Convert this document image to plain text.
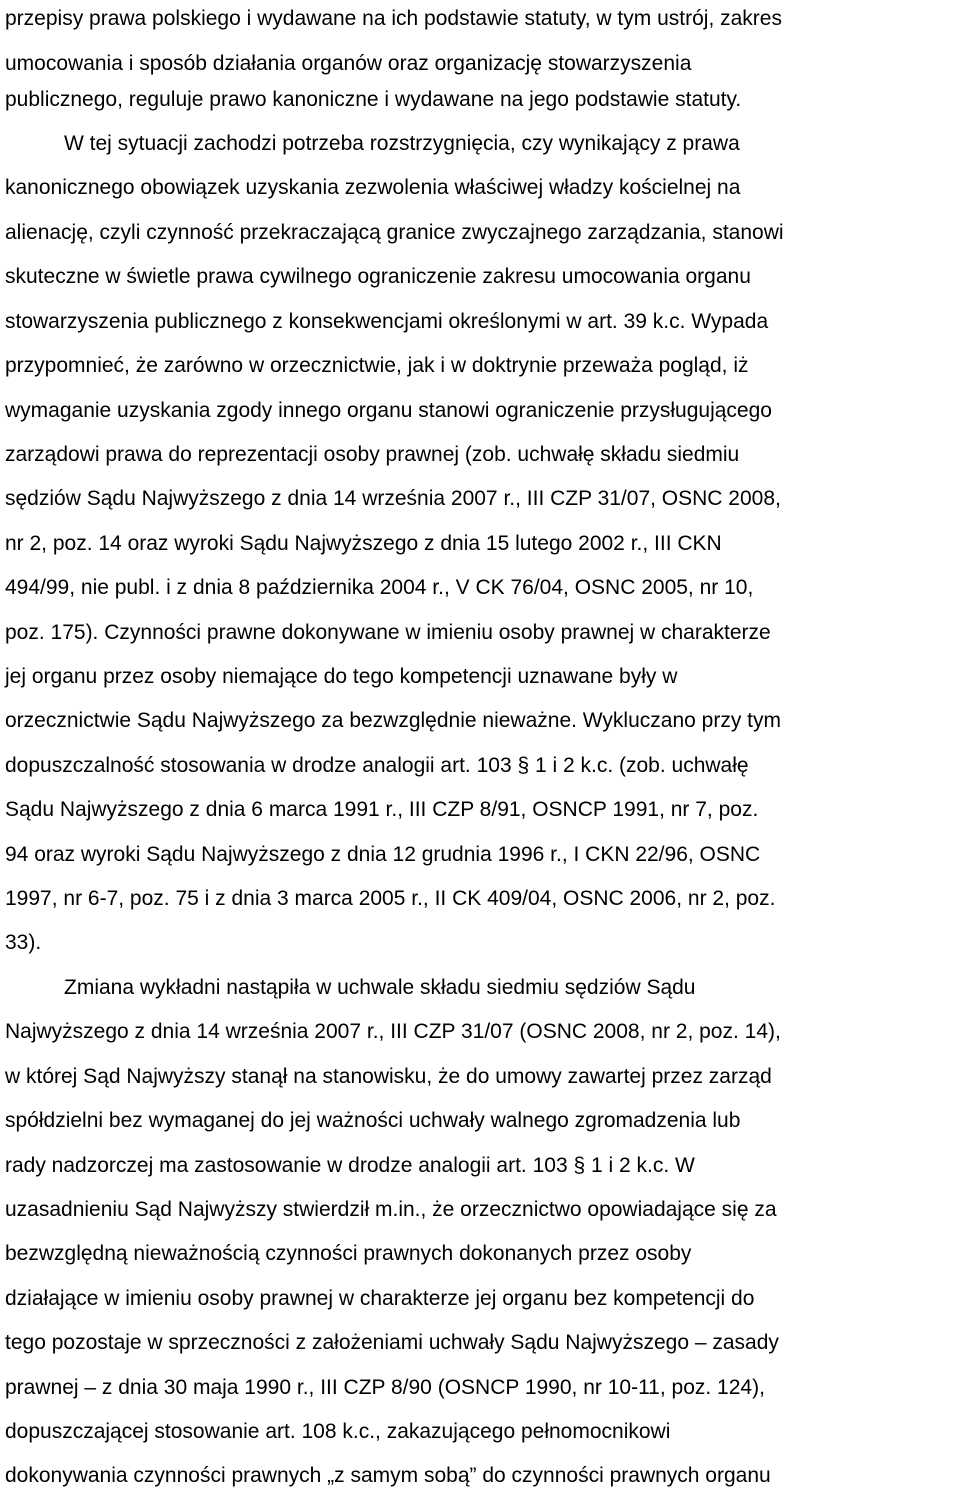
przepisy prawa polskiego i wydawane na ich podstawie statuty, w tym ustrój, zakres
umocowania i sposób działania organów oraz organizację stowarzyszenia
publicznego, reguluje prawo kanoniczne i wydawane na jego podstawie statuty.
W tej sytuacji zachodzi potrzeba rozstrzygnięcia, czy wynikający z prawa
kanonicznego obowiązek uzyskania zezwolenia właściwej władzy kościelnej na
alienację, czyli czynność przekraczającą granice zwyczajnego zarządzania, stanowi
skuteczne w świetle prawa cywilnego ograniczenie zakresu umocowania organu
stowarzyszenia publicznego z konsekwencjami określonymi w art. 39 k.c. Wypada
przypomnieć, że zarówno w orzecznictwie, jak i w doktrynie przeważa pogląd, iż
wymaganie uzyskania zgody innego organu stanowi ograniczenie przysługującego
zarządowi prawa do reprezentacji osoby prawnej (zob. uchwałę składu siedmiu
sędziów Sądu Najwyższego z dnia 14 września 2007 r., III CZP 31/07, OSNC 2008,
nr 2, poz. 14 oraz wyroki Sądu Najwyższego z dnia 15 lutego 2002 r., III CKN
494/99, nie publ. i z dnia 8 października 2004 r., V CK 76/04, OSNC 2005, nr 10,
poz. 175). Czynności prawne dokonywane w imieniu osoby prawnej w charakterze
jej organu przez osoby niemające do tego kompetencji uznawane były w
orzecznictwie Sądu Najwyższego za bezwzględnie nieważne. Wykluczano przy tym
dopuszczalność stosowania w drodze analogii art. 103 § 1 i 2 k.c. (zob. uchwałę
Sądu Najwyższego z dnia 6 marca 1991 r., III CZP 8/91, OSNCP 1991, nr 7, poz.
94 oraz wyroki Sądu Najwyższego z dnia 12 grudnia 1996 r., I CKN 22/96, OSNC
1997, nr 6-7, poz. 75 i z dnia 3 marca 2005 r., II CK 409/04, OSNC 2006, nr 2, poz.
33).
Zmiana wykładni nastąpiła w uchwale składu siedmiu sędziów Sądu
Najwyższego z dnia 14 września 2007 r., III CZP 31/07 (OSNC 2008, nr 2, poz. 14),
w której Sąd Najwyższy stanął na stanowisku, że do umowy zawartej przez zarząd
spółdzielni bez wymaganej do jej ważności uchwały walnego zgromadzenia lub
rady nadzorczej ma zastosowanie w drodze analogii art. 103 § 1 i 2 k.c. W
uzasadnieniu Sąd Najwyższy stwierdził m.in., że orzecznictwo opowiadające się za
bezwzględną nieważnością czynności prawnych dokonanych przez osoby
działające w imieniu osoby prawnej w charakterze jej organu bez kompetencji do
tego pozostaje w sprzeczności z założeniami uchwały Sądu Najwyższego – zasady
prawnej – z dnia 30 maja 1990 r., III CZP 8/90 (OSNCP 1990, nr 10-11, poz. 124),
dopuszczającej stosowanie art. 108 k.c., zakazującego pełnomocnikowi
dokonywania czynności prawnych „z samym sobą” do czynności prawnych organu
